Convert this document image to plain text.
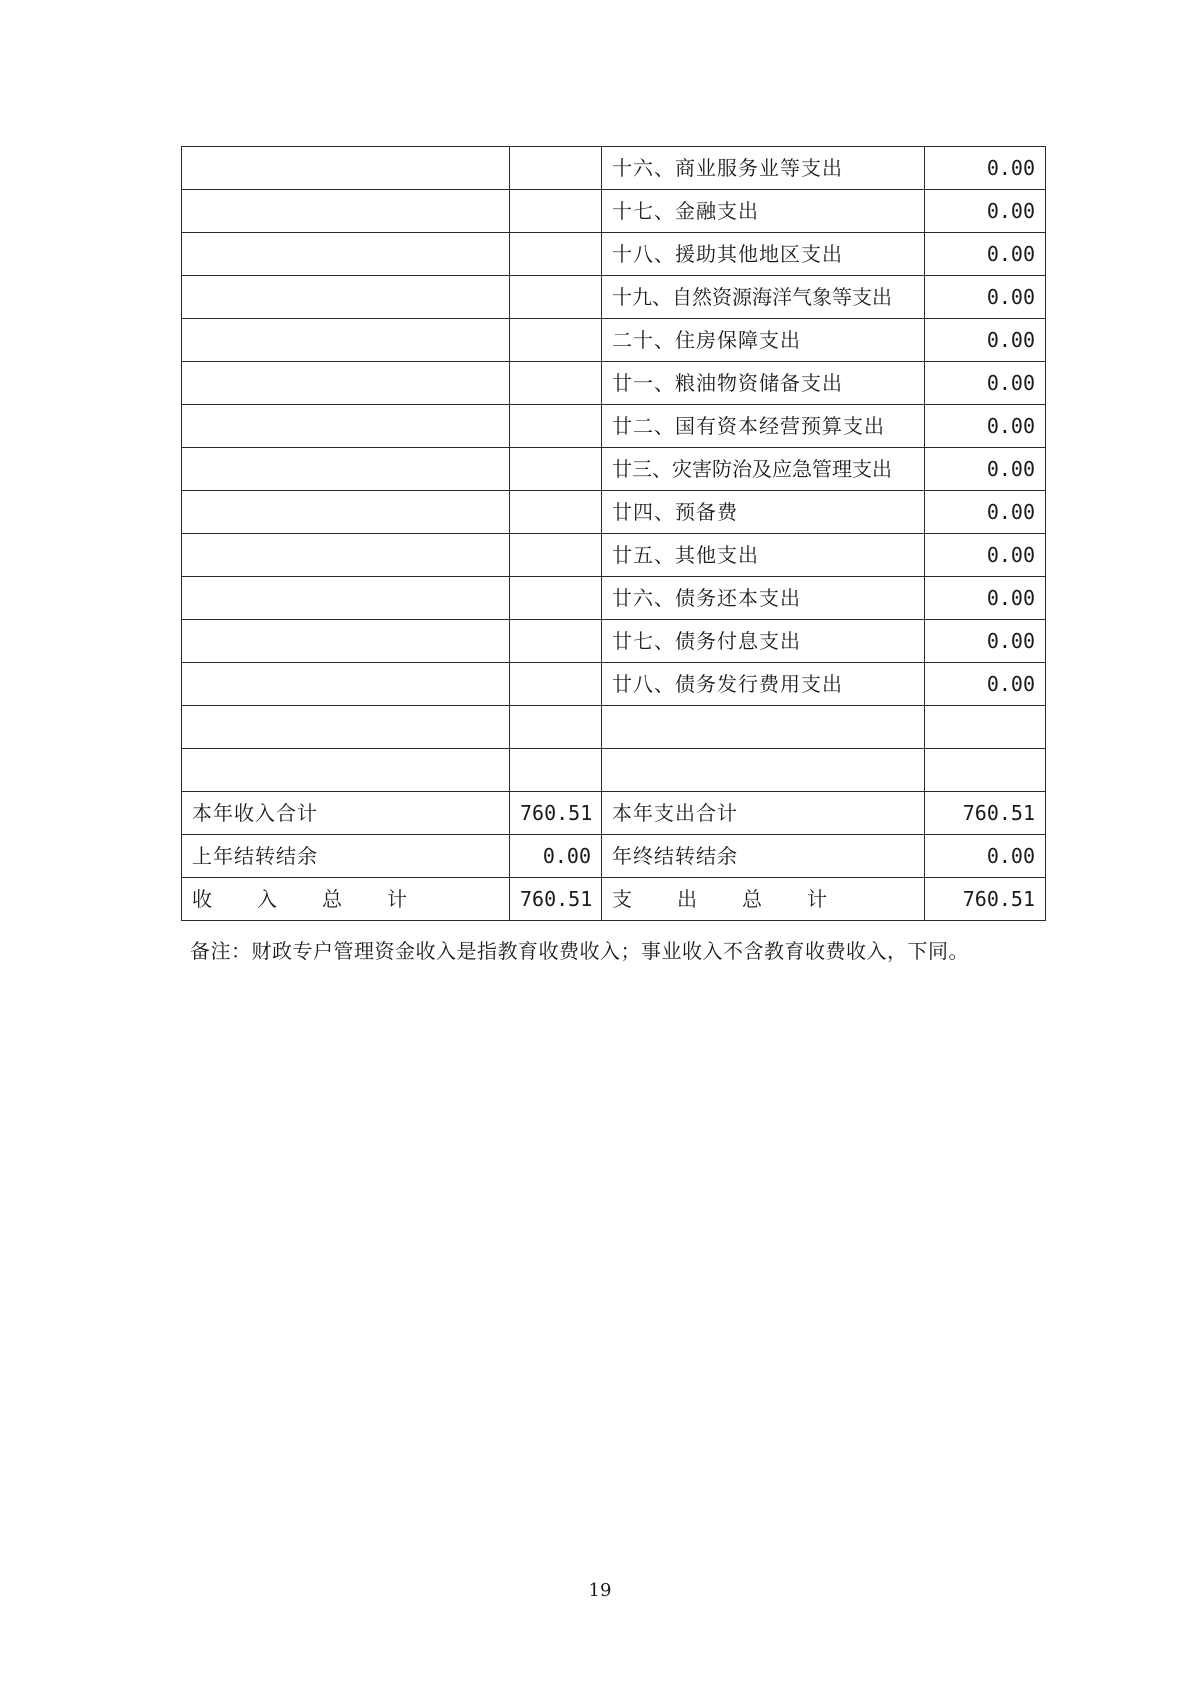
		十六、商业服务业等支出	0.00
		十七、金融支出	0.00
		十八、援助其他地区支出	0.00
		十九、自然资源海洋气象等支出	0.00
		二十、住房保障支出	0.00
		廿一、粮油物资储备支出	0.00
		廿二、国有资本经营预算支出	0.00
		廿三、灾害防治及应急管理支出	0.00
		廿四、预备费	0.00
		廿五、其他支出	0.00
		廿六、债务还本支出	0.00
		廿七、债务付息支出	0.00
		廿八、债务发行费用支出	0.00

本年收入合计	760.51	本年支出合计	760.51
上年结转结余	0.00	年终结转结余	0.00

收 入 总 计	760.51	支 出 总 计	760.51
备注：财政专户管理资金收入是指教育收费收入；事业收入不含教育收费收入，下同。
19
